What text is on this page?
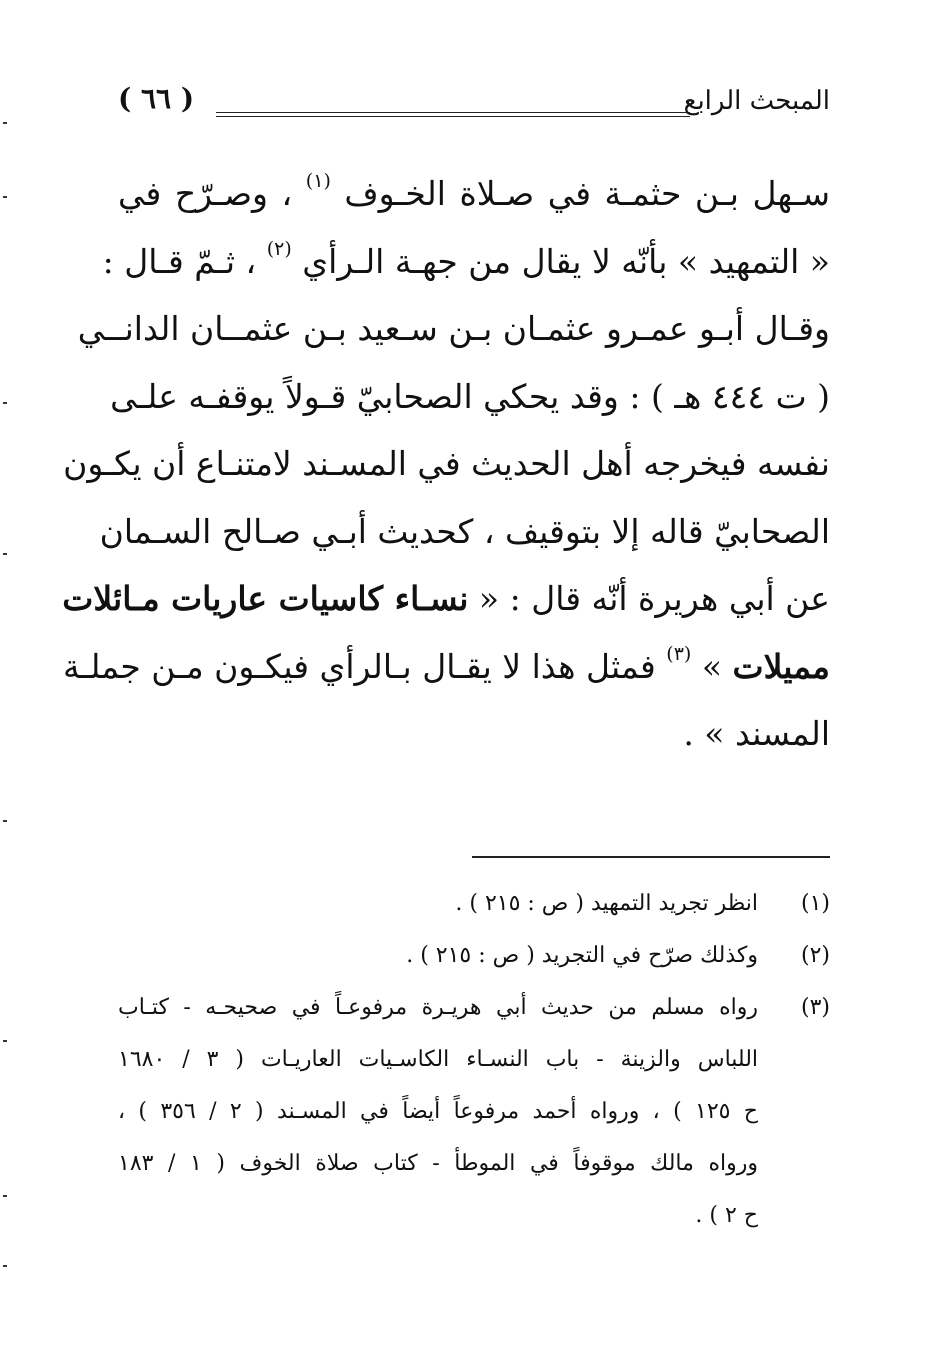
المبحث الرابع
( ٦٦ )
سـهل بـن حثمـة في صـلاة الخـوف $^{(١)}$ ، وصـرّح في
« التمهيد » بأنّه لا يقال من جهـة الـرأي $^{(٢)}$ ، ثـمّ قـال :
وقـال أبـو عمـرو عثمـان بـن سـعيد بـن عثمــان الدانــي
( ت ٤٤٤ هـ ) : وقد يحكي الصحابيّ قـولاً يوقفـه علـى
نفسه فيخرجه أهل الحديث في المسـند لامتنـاع أن يكـون
الصحابيّ قاله إلا بتوقيف ، كحديث أبـي صـالح السـمان
عن أبي هريرة أنّه قال : « نسـاء كاسيات عاريات مـائلات
مميلات » $^{(٣)}$ فمثل هذا لا يقـال بـالرأي فيكـون مـن جملـة
المسند » .
(١)
انظر تجريد التمهيد ( ص : ٢١٥ ) .
(٢)
وكذلك صرّح في التجريد ( ص : ٢١٥ ) .
(٣)
رواه مسلم من حديث أبي هريـرة مرفوعـاً في صحيحـه - كتـاب
اللباس والزينة - باب النسـاء الكاسـيات العاريـات ( ٣ / ١٦٨٠
ح ١٢٥ ) ، ورواه أحمد مرفوعاً أيضاً في المسـند ( ٢ / ٣٥٦ ) ،
ورواه مالك موقوفاً في الموطأ - كتاب صلاة الخوف ( ١ / ١٨٣
ح ٢ ) .
